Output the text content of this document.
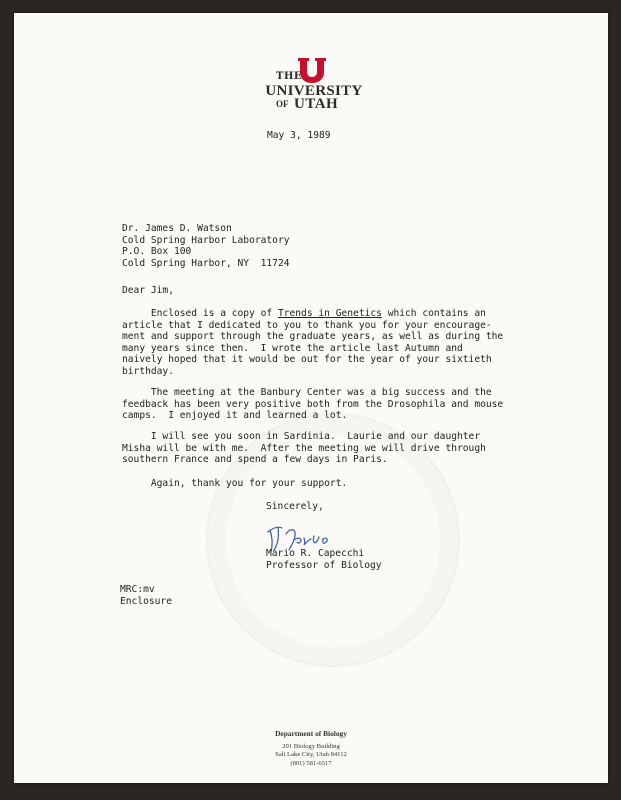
THE
UNIVERSITY
OF UTAH
May 3, 1989
Dr. James D. Watson
Cold Spring Harbor Laboratory
P.O. Box 100
Cold Spring Harbor, NY  11724
Dear Jim,
Enclosed is a copy of Trends in Genetics which contains an
article that I dedicated to you to thank you for your encourage-
ment and support through the graduate years, as well as during the
many years since then.  I wrote the article last Autumn and
naively hoped that it would be out for the year of your sixtieth
birthday.
The meeting at the Banbury Center was a big success and the
feedback has been very positive both from the Drosophila and mouse
camps.  I enjoyed it and learned a lot.
I will see you soon in Sardinia.  Laurie and our daughter
Misha will be with me.  After the meeting we will drive through
southern France and spend a few days in Paris.
Again, thank you for your support.
Sincerely,
Mario R. Capecchi
Professor of Biology
MRC:mv
Enclosure
Department of Biology
201 Biology Building
Salt Lake City, Utah 84112
(801) 581-6517
